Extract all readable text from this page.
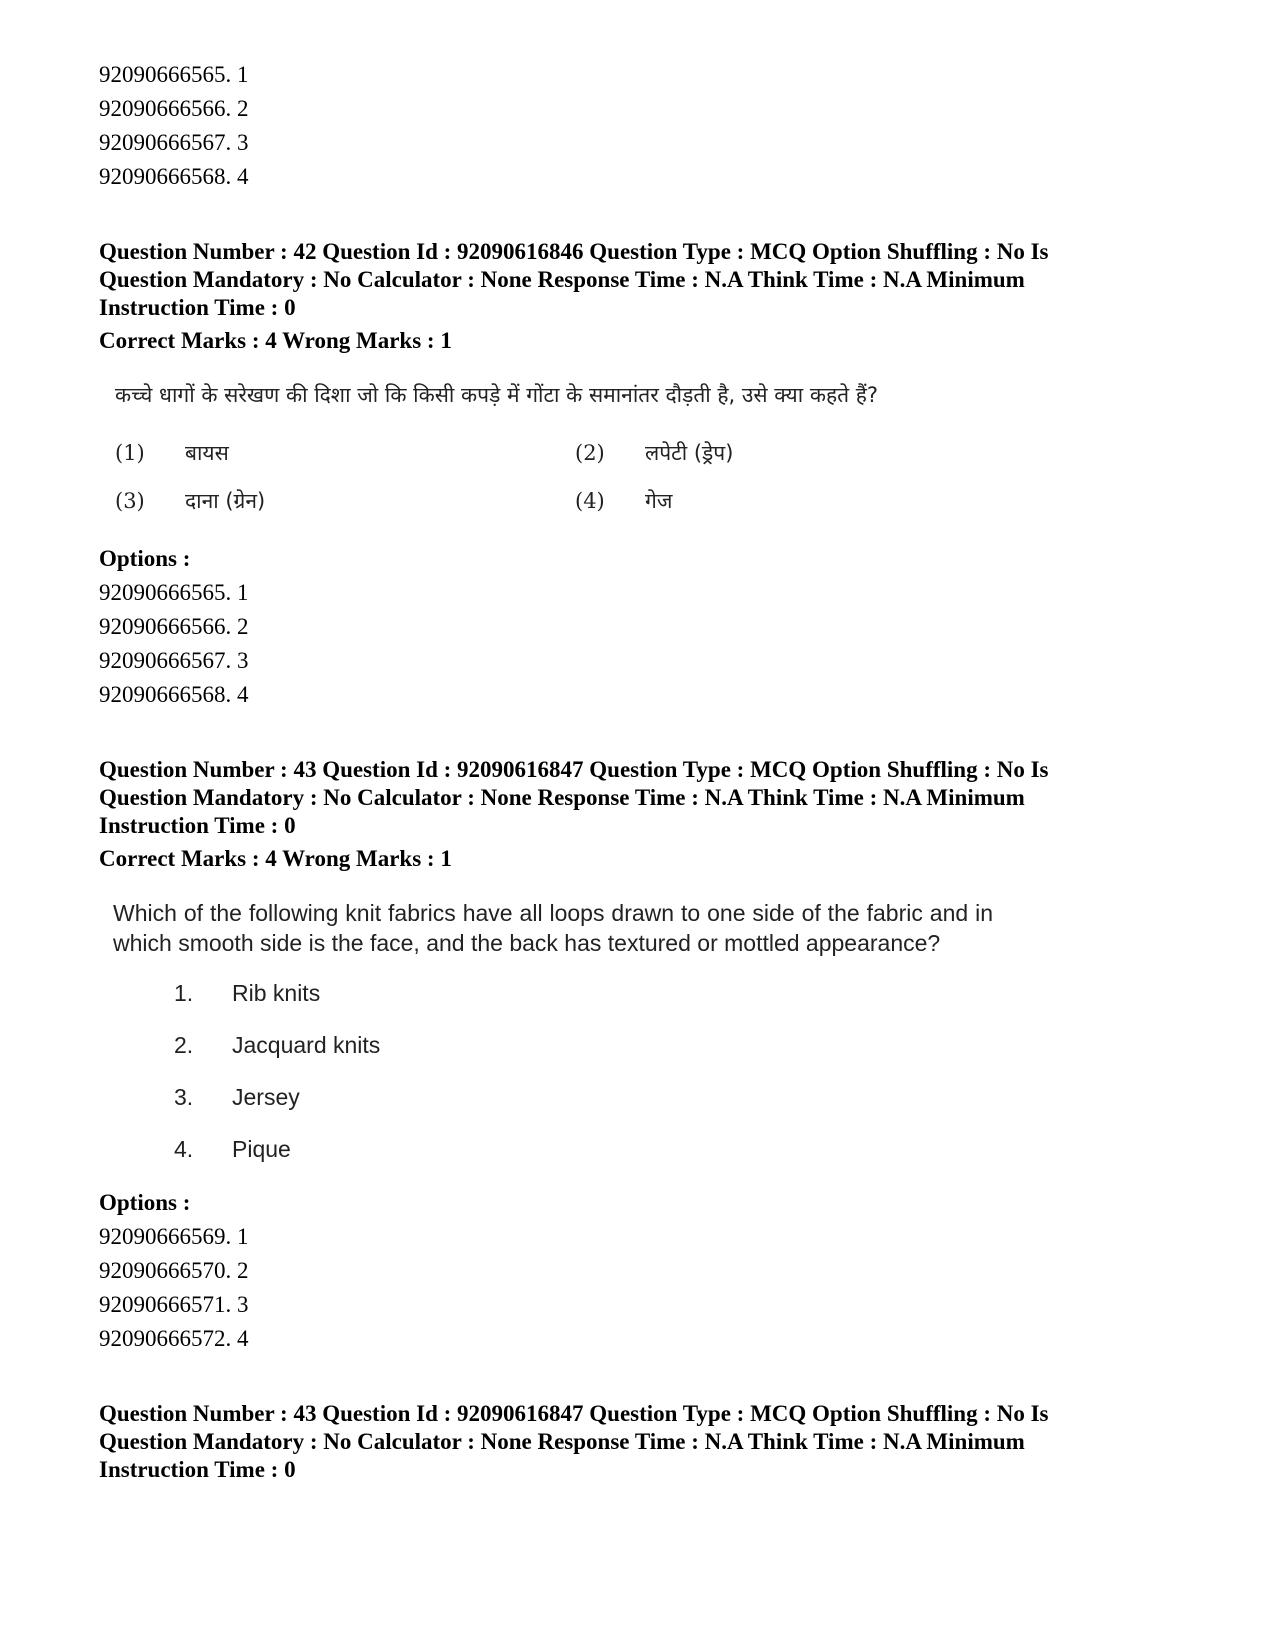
92090666565. 1
92090666566. 2
92090666567. 3
92090666568. 4
Question Number : 42 Question Id : 92090616846 Question Type : MCQ Option Shuffling : No Is
Question Mandatory : No Calculator : None Response Time : N.A Think Time : N.A Minimum
Instruction Time : 0
Correct Marks : 4 Wrong Marks : 1
कच्चे धागों के सरेखण की दिशा जो कि किसी कपड़े में गोंटा के समानांतर दौड़ती है, उसे क्या कहते हैं?
(1)	बायस	(2)	लपेटी (ड्रेप)
(3)	दाना (ग्रेन)	(4)	गेज
Options :
92090666565. 1
92090666566. 2
92090666567. 3
92090666568. 4
Question Number : 43 Question Id : 92090616847 Question Type : MCQ Option Shuffling : No Is
Question Mandatory : No Calculator : None Response Time : N.A Think Time : N.A Minimum
Instruction Time : 0
Correct Marks : 4 Wrong Marks : 1
Which of the following knit fabrics have all loops drawn to one side of the fabric and in which smooth side is the face, and the back has textured or mottled appearance?
1.	Rib knits
2.	Jacquard knits
3.	Jersey
4.	Pique
Options :
92090666569. 1
92090666570. 2
92090666571. 3
92090666572. 4
Question Number : 43 Question Id : 92090616847 Question Type : MCQ Option Shuffling : No Is
Question Mandatory : No Calculator : None Response Time : N.A Think Time : N.A Minimum
Instruction Time : 0
